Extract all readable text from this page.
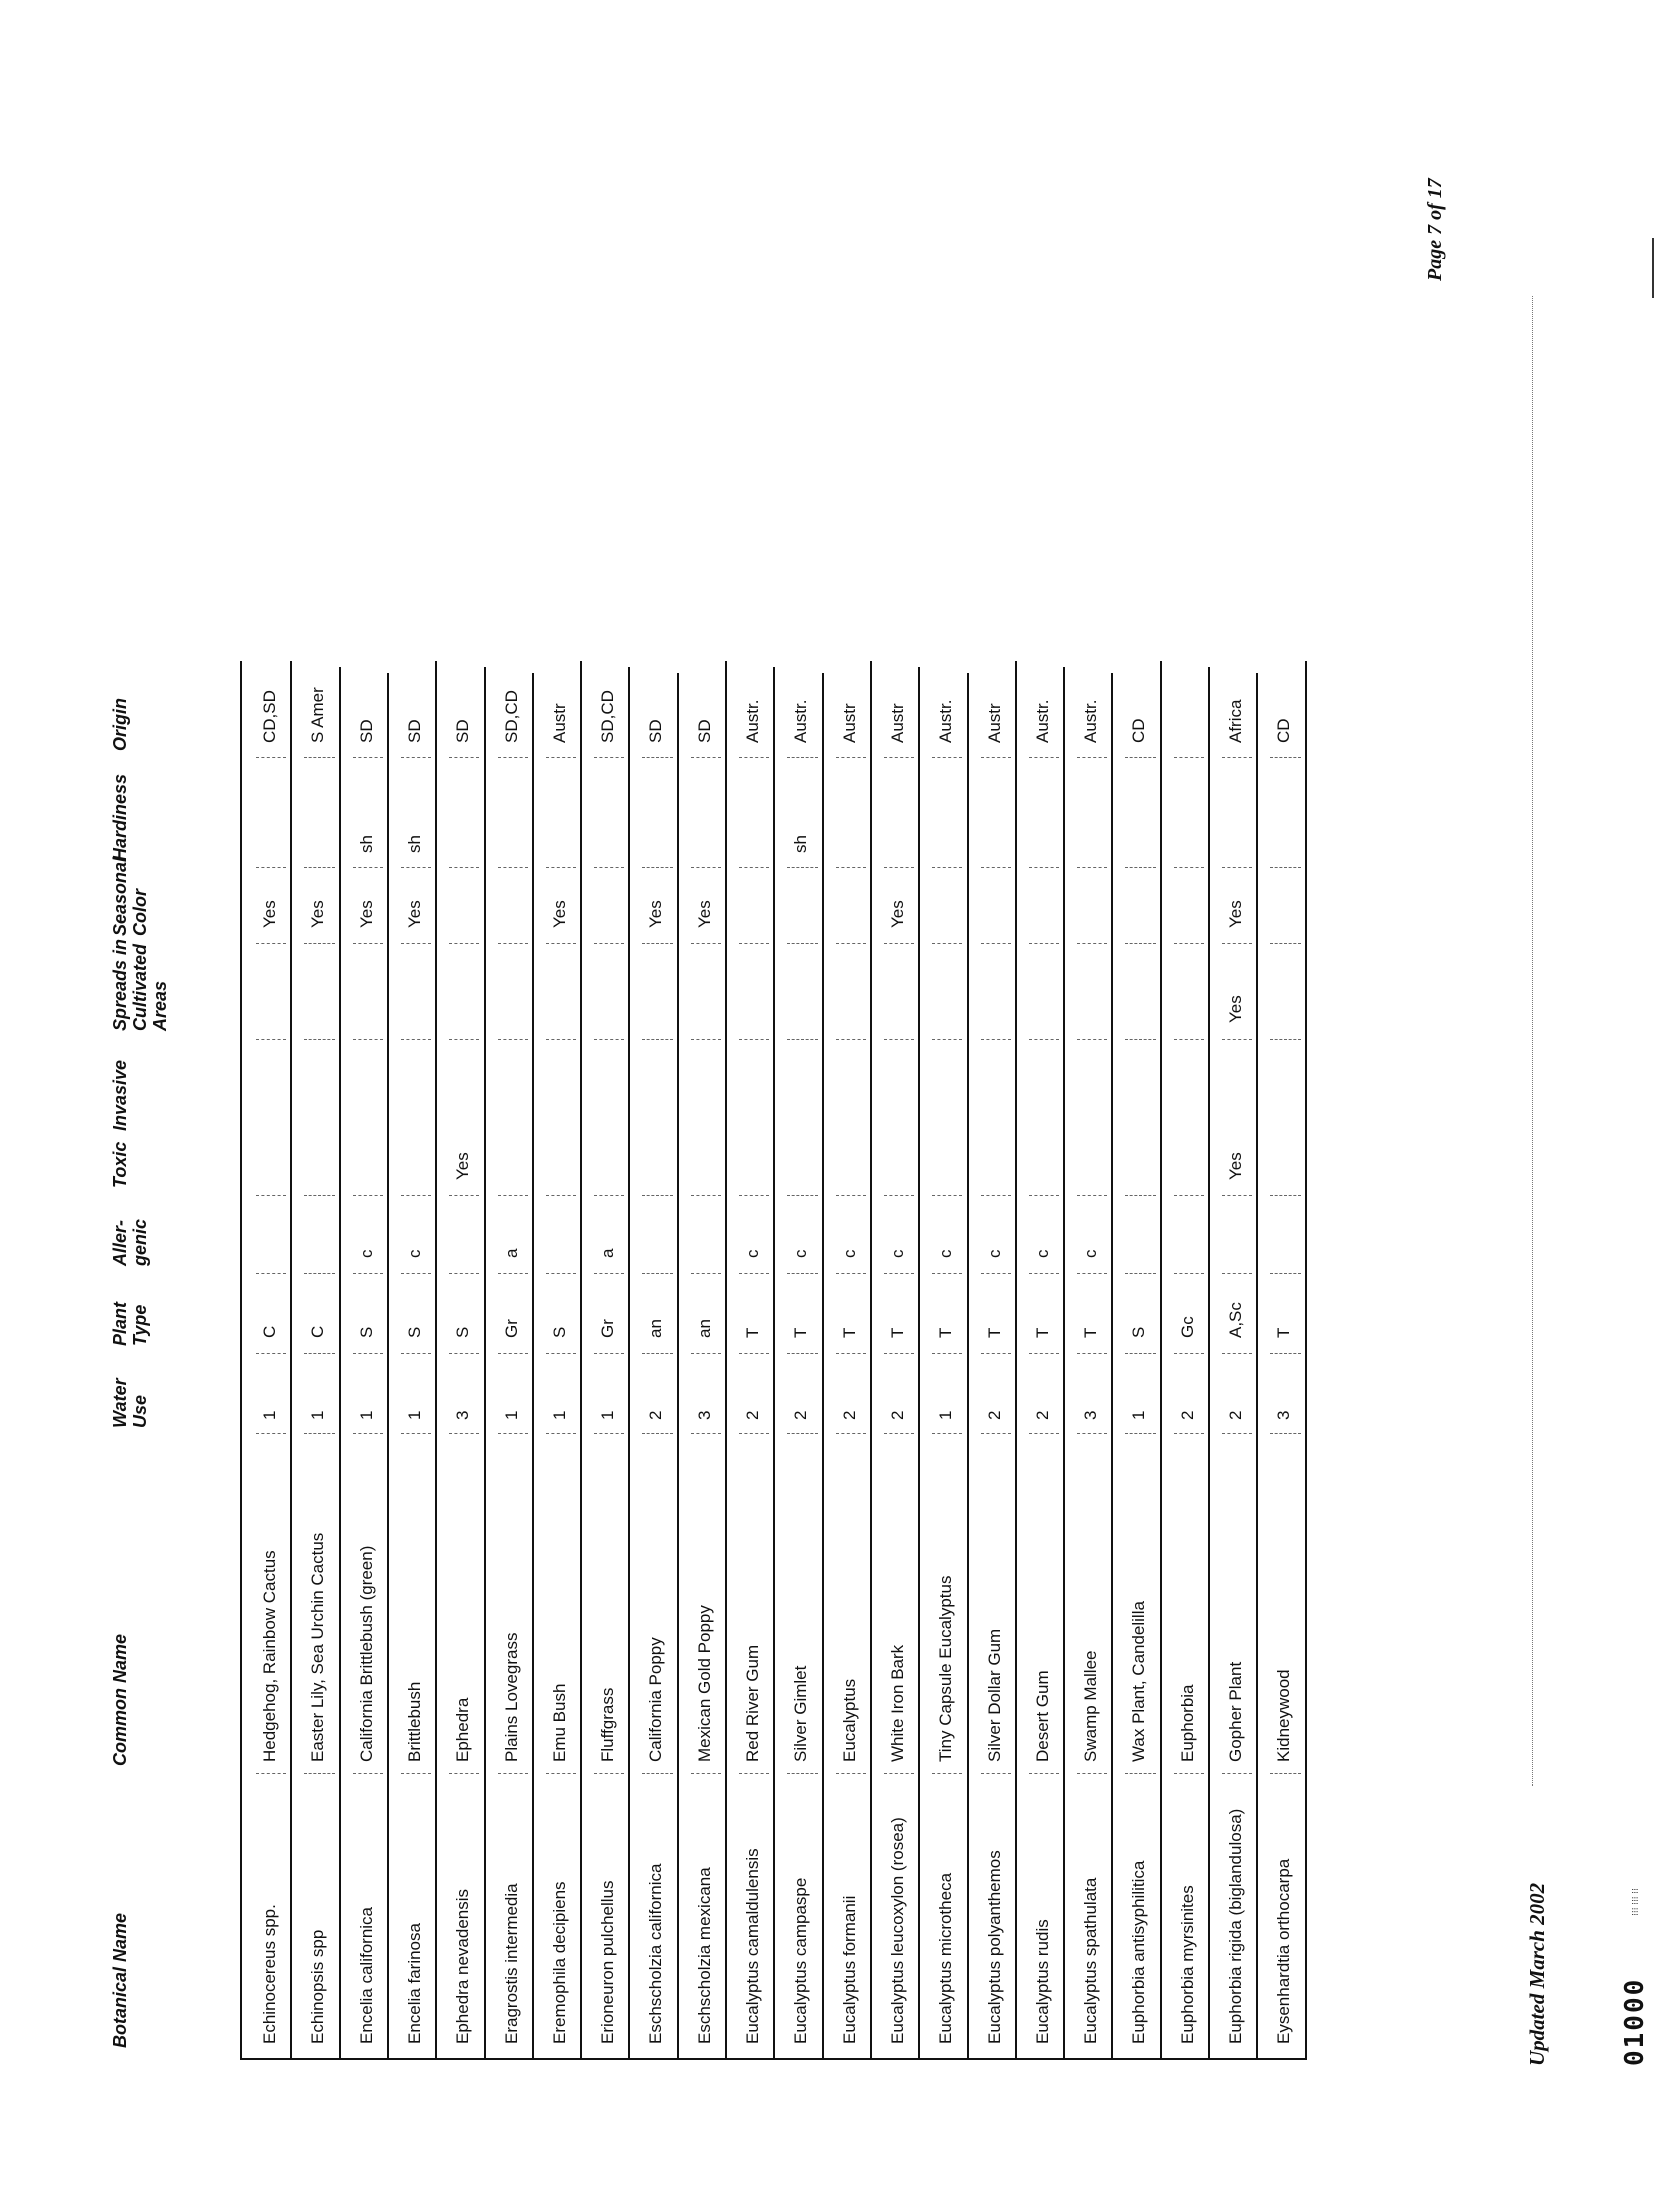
Botanical Name
Common Name
Water Use
Plant Type
Aller- genic
Toxic
Invasive
Spreads in Cultivated Areas
Seasonal Color
Hardiness
Origin
Echinocereus spp.
Hedgehog, Rainbow Cactus
1
C
Yes
CD,SD
Echinopsis spp
Easter Lily, Sea Urchin Cactus
1
C
Yes
S Amer
Encelia californica
California Brittlebush (green)
1
S
c
Yes
sh
SD
Encelia farinosa
Brittlebush
1
S
c
Yes
sh
SD
Ephedra nevadensis
Ephedra
3
S
Yes
SD
Eragrostis intermedia
Plains Lovegrass
1
Gr
a
SD,CD
Eremophila decipiens
Emu Bush
1
S
Yes
Austr
Erioneuron pulchellus
Fluffgrass
1
Gr
a
SD,CD
Eschscholzia californica
California Poppy
2
an
Yes
SD
Eschscholzia mexicana
Mexican Gold Poppy
3
an
Yes
SD
Eucalyptus camaldulensis
Red River Gum
2
T
c
Austr.
Eucalyptus campaspe
Silver Gimlet
2
T
c
sh
Austr.
Eucalyptus formanii
Eucalyptus
2
T
c
Austr
Eucalyptus leucoxylon (rosea)
White Iron Bark
2
T
c
Yes
Austr
Eucalyptus microtheca
Tiny Capsule Eucalyptus
1
T
c
Austr.
Eucalyptus polyanthemos
Silver Dollar Gum
2
T
c
Austr
Eucalyptus rudis
Desert Gum
2
T
c
Austr.
Eucalyptus spathulata
Swamp Mallee
3
T
c
Austr.
Euphorbia antisyphilitica
Wax Plant, Candelilla
1
S
CD
Euphorbia myrsinites
Euphorbia
2
Gc
Euphorbia rigida (biglandulosa)
Gopher Plant
2
A,Sc
Yes
Yes
Yes
Africa
Eysenhardtia orthocarpa
Kidneywood
3
T
CD
Updated March 2002
Page 7 of 17
01000
⁝⁝⁝ ⁝⁝⁝ ⁝⁝
